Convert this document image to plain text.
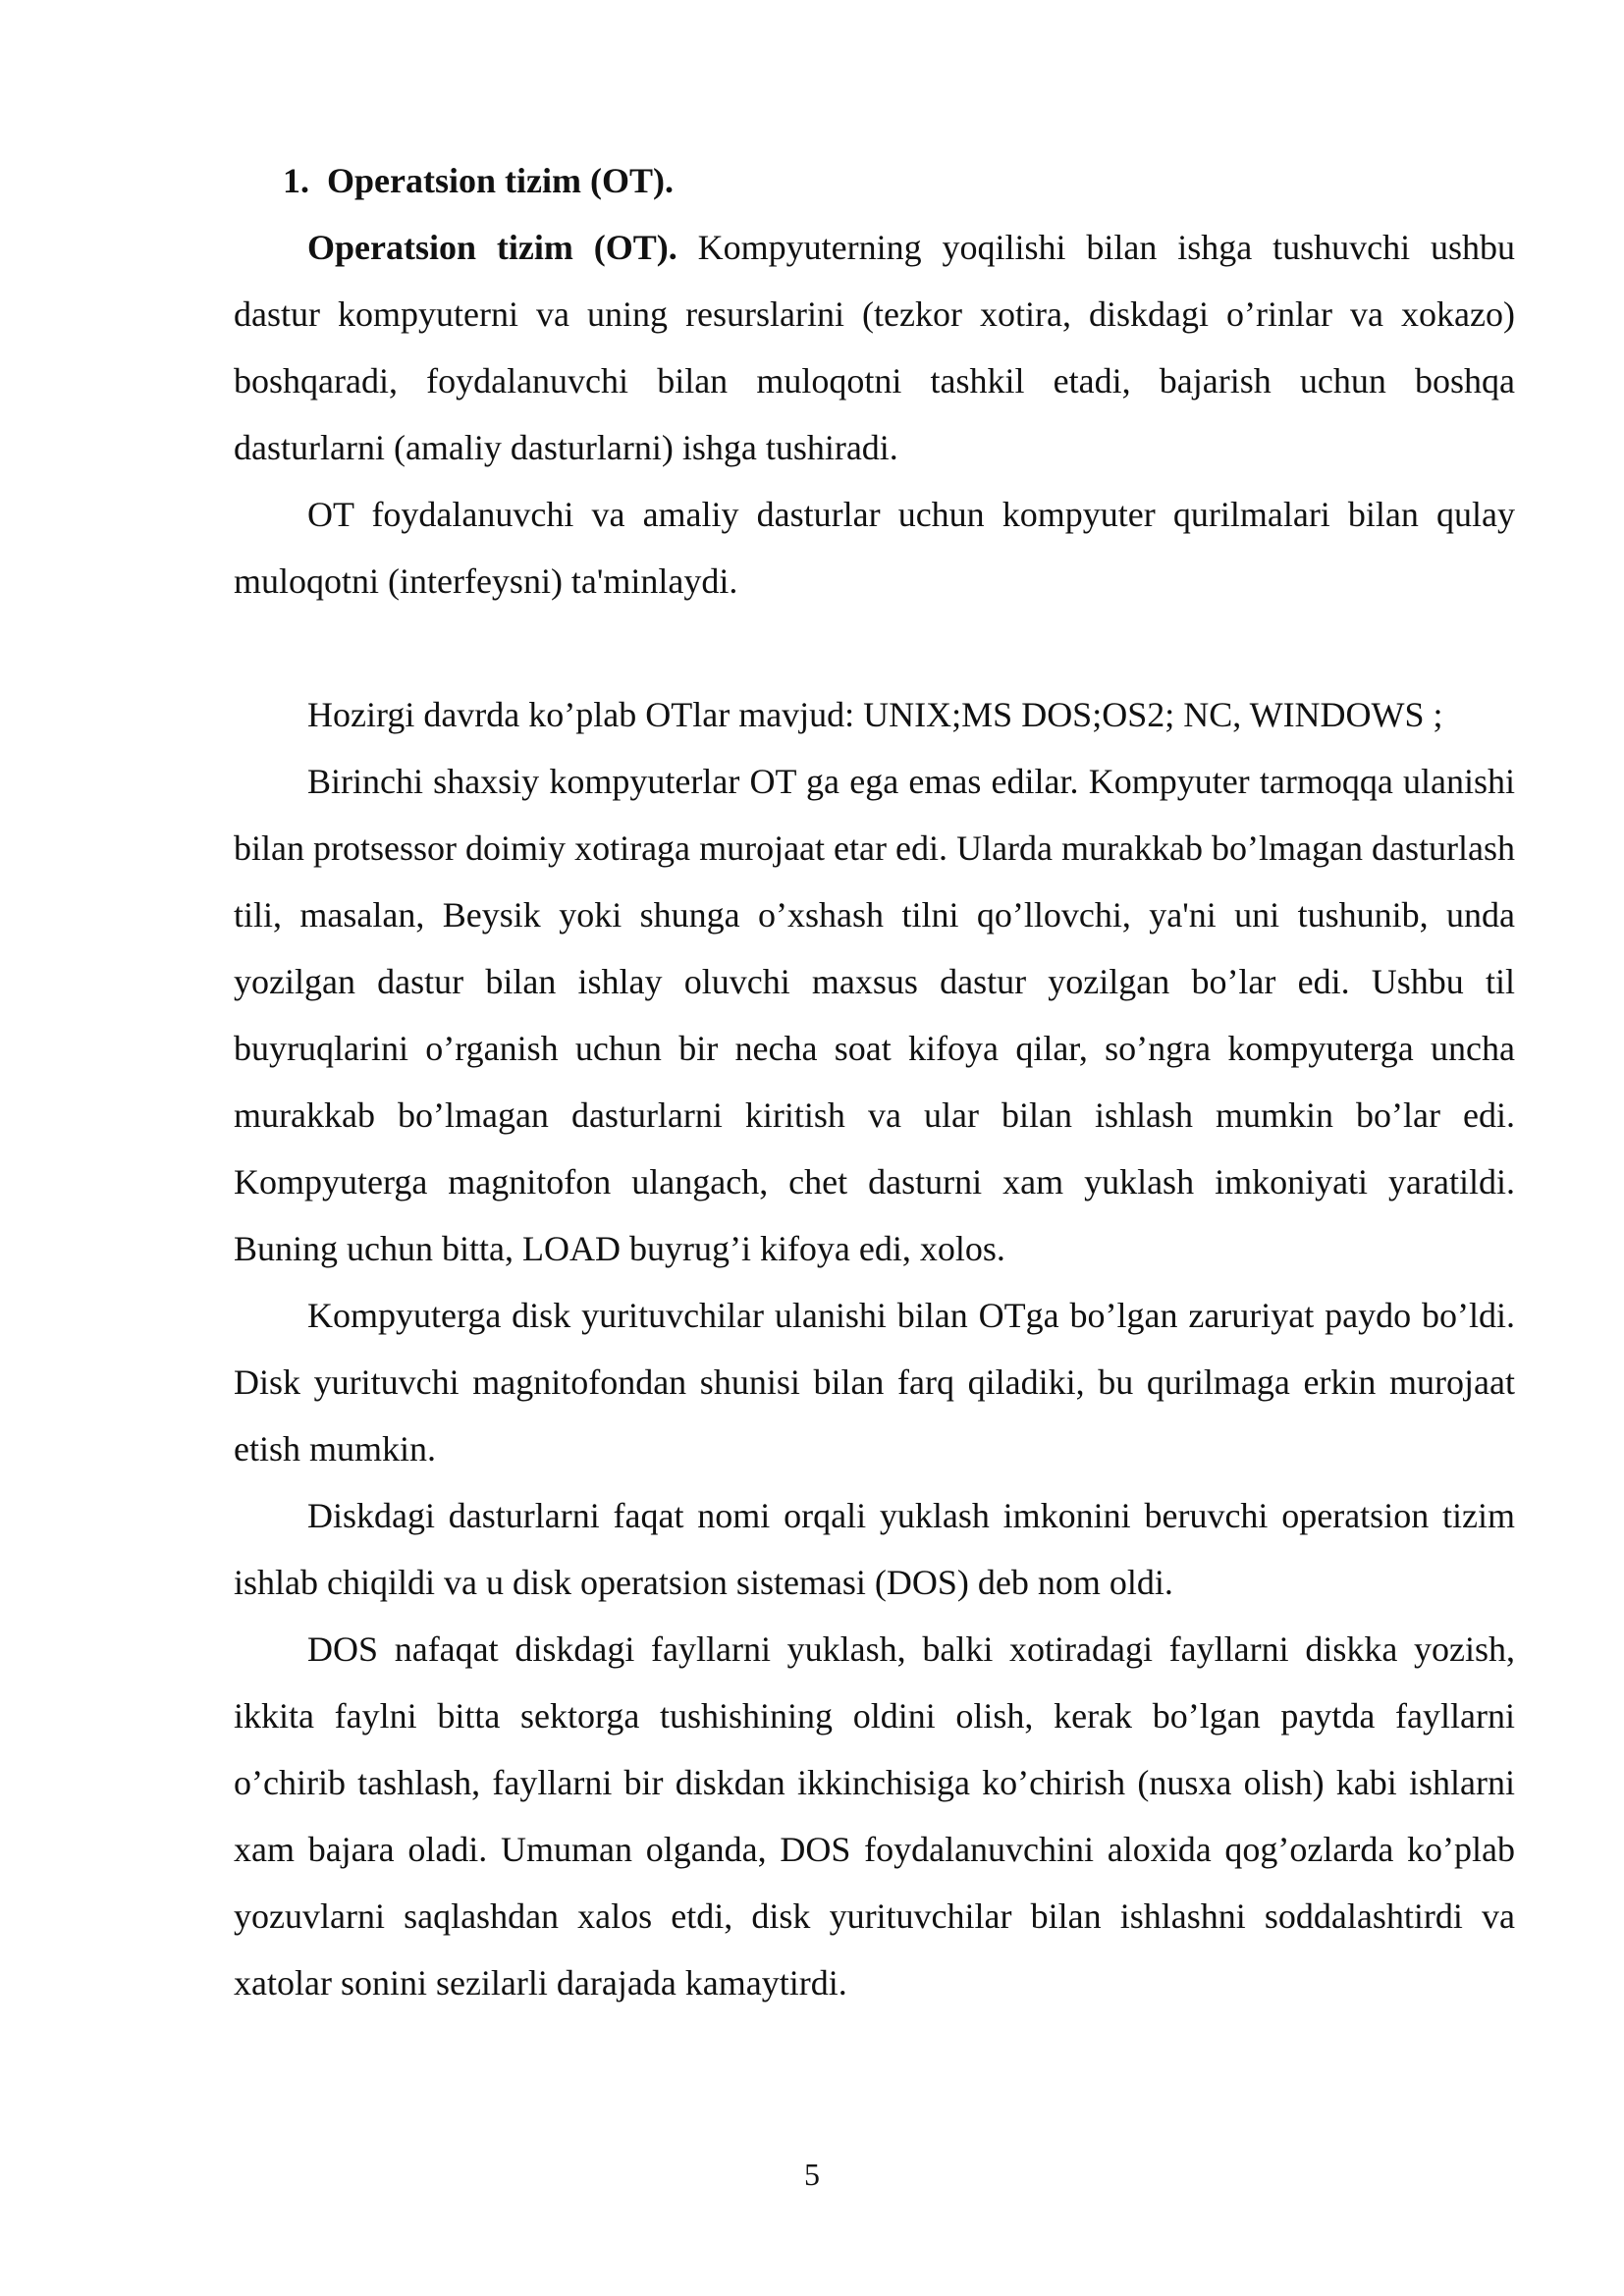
1. Operatsion tizim (OT).

Operatsion tizim (OT). Kompyuterning yoqilishi bilan ishga tushuvchi ushbu dastur kompyuterni va uning resurslarini (tezkor xotira, diskdagi o’rinlar va xokazo) boshqaradi, foydalanuvchi bilan muloqotni tashkil etadi, bajarish uchun boshqa dasturlarni (amaliy dasturlarni) ishga tushiradi.

OT foydalanuvchi va amaliy dasturlar uchun kompyuter qurilmalari bilan qulay muloqotni (interfeysni) ta'minlaydi.

Hozirgi davrda ko’plab OTlar mavjud: UNIX;MS DOS;OS2; NC, WINDOWS ;

Birinchi shaxsiy kompyuterlar OT ga ega emas edilar. Kompyuter tarmoqqa ulanishi bilan protsessor doimiy xotiraga murojaat etar edi. Ularda murakkab bo’lmagan dasturlash tili, masalan, Beysik yoki shunga o’xshash tilni qo’llovchi, ya'ni uni tushunib, unda yozilgan dastur bilan ishlay oluvchi maxsus dastur yozilgan bo’lar edi. Ushbu til buyruqlarini o’rganish uchun bir necha soat kifoya qilar, so’ngra kompyuterga uncha murakkab bo’lmagan dasturlarni kiritish va ular bilan ishlash mumkin bo’lar edi. Kompyuterga magnitofon ulangach, chet dasturni xam yuklash imkoniyati yaratildi. Buning uchun bitta, LOAD buyrug’i kifoya edi, xolos.

Kompyuterga disk yurituvchilar ulanishi bilan OTga bo’lgan zaruriyat paydo bo’ldi. Disk yurituvchi magnitofondan shunisi bilan farq qiladiki, bu qurilmaga erkin murojaat etish mumkin.

Diskdagi dasturlarni faqat nomi orqali yuklash imkonini beruvchi operatsion tizim ishlab chiqildi va u disk operatsion sistemasi (DOS) deb nom oldi.

DOS nafaqat diskdagi fayllarni yuklash, balki xotiradagi fayllarni diskka yozish, ikkita faylni bitta sektorga tushishining oldini olish, kerak bo’lgan paytda fayllarni o’chirib tashlash, fayllarni bir diskdan ikkinchisiga ko’chirish (nusxa olish) kabi ishlarni xam bajara oladi. Umuman olganda, DOS foydalanuvchini aloxida qog’ozlarda ko’plab yozuvlarni saqlashdan xalos etdi, disk yurituvchilar bilan ishlashni soddalashtirdi va xatolar sonini sezilarli darajada kamaytirdi.

5
